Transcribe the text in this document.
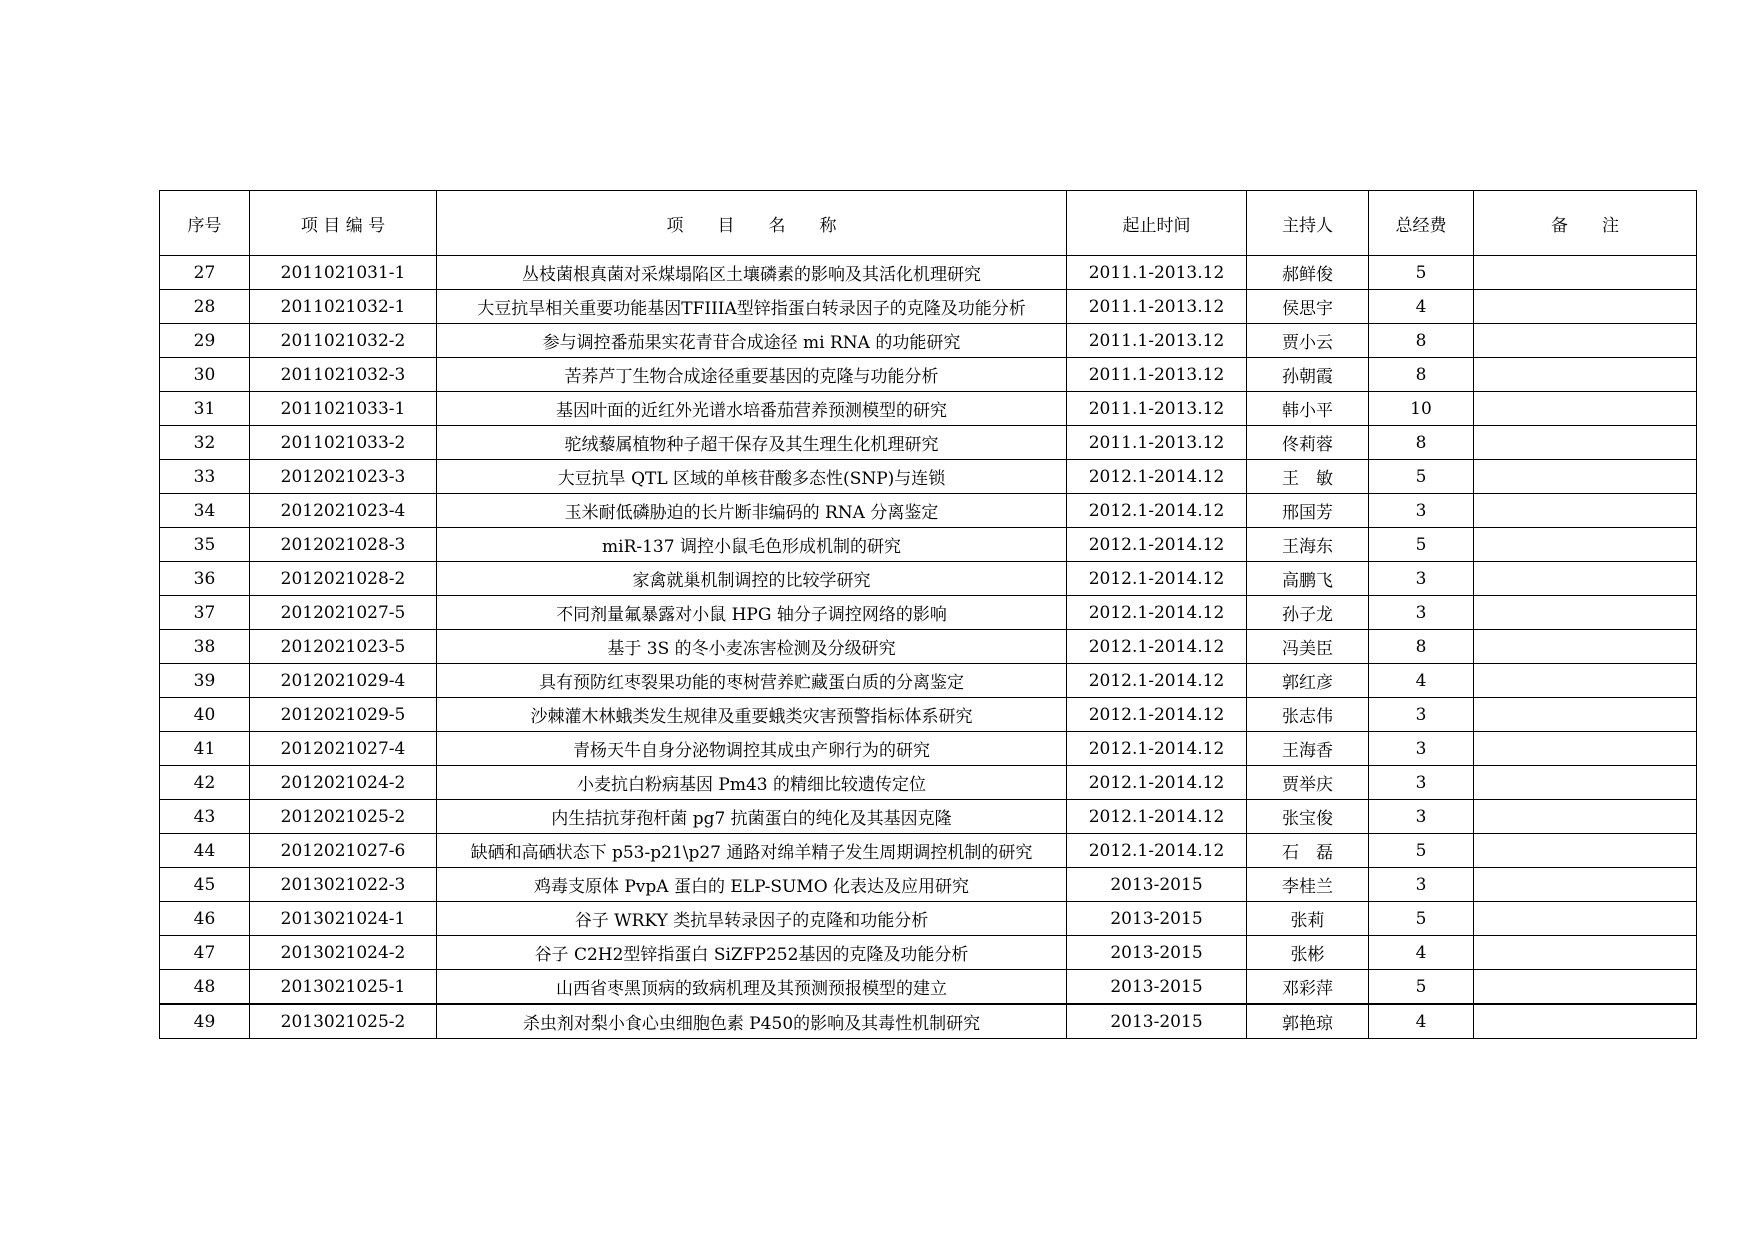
序号	项 目 编 号	项　　目　　名　　称	起止时间	主持人	总经费	备　　注
27	2011021031-1	丛枝菌根真菌对采煤塌陷区土壤磷素的影响及其活化机理研究	2011.1-2013.12	郝鲜俊	5	
28	2011021032-1	大豆抗旱相关重要功能基因TFIIIA型锌指蛋白转录因子的克隆及功能分析	2011.1-2013.12	侯思宇	4	
29	2011021032-2	参与调控番茄果实花青苷合成途径 mi RNA 的功能研究	2011.1-2013.12	贾小云	8	
30	2011021032-3	苦荞芦丁生物合成途径重要基因的克隆与功能分析	2011.1-2013.12	孙朝霞	8	
31	2011021033-1	基因叶面的近红外光谱水培番茄营养预测模型的研究	2011.1-2013.12	韩小平	10	
32	2011021033-2	驼绒藜属植物种子超干保存及其生理生化机理研究	2011.1-2013.12	佟莉蓉	8	
33	2012021023-3	大豆抗旱 QTL 区域的单核苷酸多态性(SNP)与连锁	2012.1-2014.12	王　敏	5	
34	2012021023-4	玉米耐低磷胁迫的长片断非编码的 RNA 分离鉴定	2012.1-2014.12	邢国芳	3	
35	2012021028-3	miR-137 调控小鼠毛色形成机制的研究	2012.1-2014.12	王海东	5	
36	2012021028-2	家禽就巢机制调控的比较学研究	2012.1-2014.12	高鹏飞	3	
37	2012021027-5	不同剂量氟暴露对小鼠 HPG 轴分子调控网络的影响	2012.1-2014.12	孙子龙	3	
38	2012021023-5	基于 3S 的冬小麦冻害检测及分级研究	2012.1-2014.12	冯美臣	8	
39	2012021029-4	具有预防红枣裂果功能的枣树营养贮藏蛋白质的分离鉴定	2012.1-2014.12	郭红彦	4	
40	2012021029-5	沙棘灌木林蛾类发生规律及重要蛾类灾害预警指标体系研究	2012.1-2014.12	张志伟	3	
41	2012021027-4	青杨天牛自身分泌物调控其成虫产卵行为的研究	2012.1-2014.12	王海香	3	
42	2012021024-2	小麦抗白粉病基因 Pm43 的精细比较遗传定位	2012.1-2014.12	贾举庆	3	
43	2012021025-2	内生拮抗芽孢杆菌 pg7 抗菌蛋白的纯化及其基因克隆	2012.1-2014.12	张宝俊	3	
44	2012021027-6	缺硒和高硒状态下 p53-p21\p27 通路对绵羊精子发生周期调控机制的研究	2012.1-2014.12	石　磊	5	
45	2013021022-3	鸡毒支原体 PvpA 蛋白的 ELP-SUMO 化表达及应用研究	2013-2015	李桂兰	3	
46	2013021024-1	谷子 WRKY 类抗旱转录因子的克隆和功能分析	2013-2015	张莉	5	
47	2013021024-2	谷子 C2H2型锌指蛋白 SiZFP252基因的克隆及功能分析	2013-2015	张彬	4	
48	2013021025-1	山西省枣黑顶病的致病机理及其预测预报模型的建立	2013-2015	邓彩萍	5	
49	2013021025-2	杀虫剂对梨小食心虫细胞色素 P450的影响及其毒性机制研究	2013-2015	郭艳琼	4	
